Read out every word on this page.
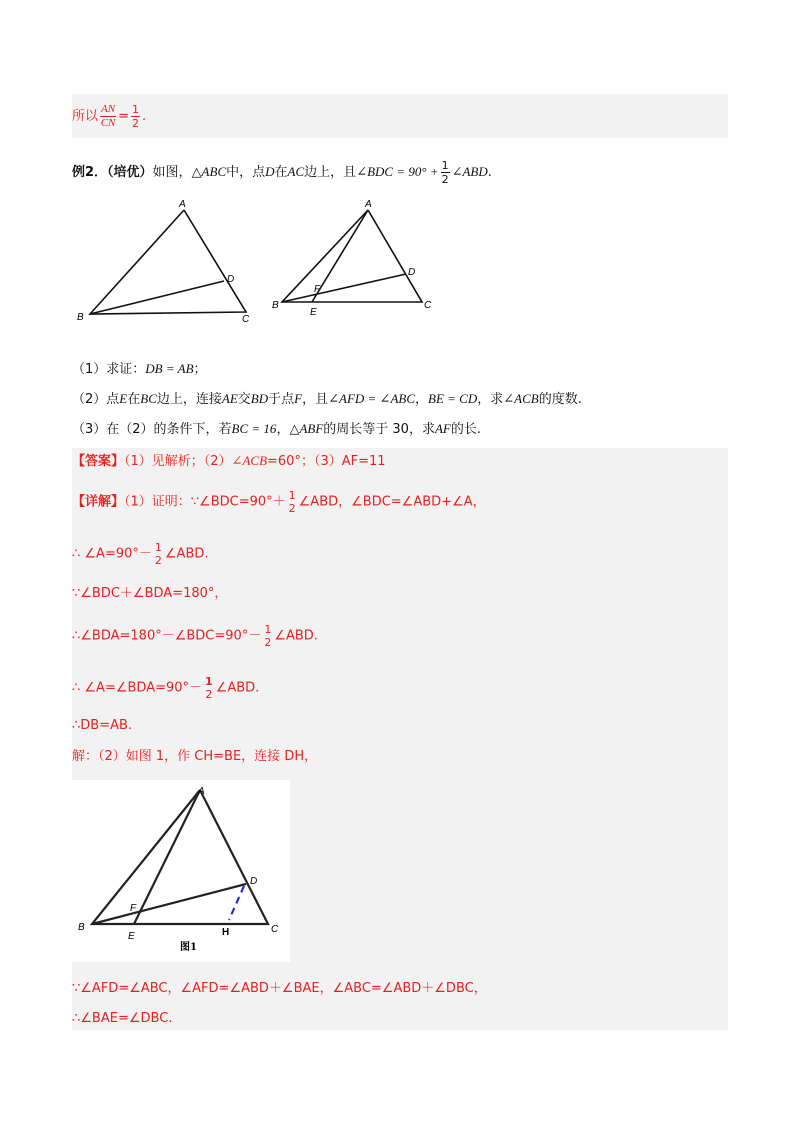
所以 $\frac{AN}{CN} = \frac{1}{2}$ .
例2．（培优）如图，△ABC中，点D在AC边上，且∠BDC = $90^\circ + \frac{1}{2}$ ∠ABD.
A
B	C
D
A
B	C
D
E
F
（1）求证：DB = AB；
（2）点E在BC边上，连接AE交BD于点F，且∠AFD = ∠ABC，BE = CD，求∠ACB的度数.
（3）在（2）的条件下，若BC = 16，△ABF的周长等于 30，求AF的长.
【答案】（1）见解析；（2）∠ACB=60°；（3）AF=11
【详解】（1）证明：∵∠BDC=90°＋ 1
2 ∠ABD，∠BDC=∠ABD+∠A，
∴ ∠A=90°－ 1
2 ∠ABD.
∵∠BDC＋∠BDA=180°，
∴∠BDA=180°－∠BDC=90°－ 1
2 ∠ABD.
∴ ∠A=∠BDA=90°－ 1
2 ∠ABD.
∴DB=AB.
解：（2）如图 1，作 CH=BE，连接 DH，
A
B	C
D
E
F
H
图1
∵∠AFD=∠ABC，∠AFD=∠ABD＋∠BAE，∠ABC=∠ABD＋∠DBC，
∴∠BAE=∠DBC.
